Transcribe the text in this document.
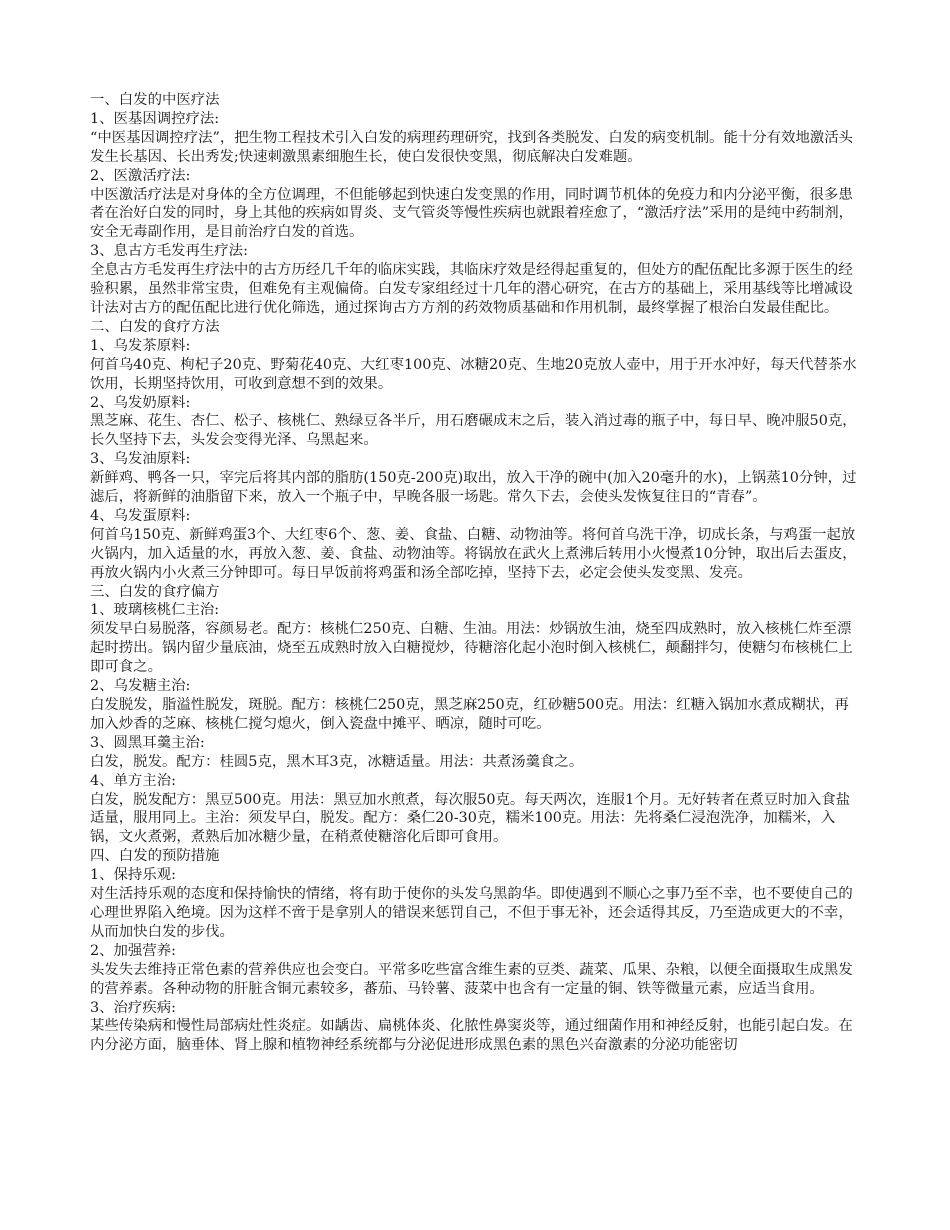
一、白发的中医疗法

1、医基因调控疗法:

“中医基因调控疗法”，把生物工程技术引入白发的病理药理研究，找到各类脱发、白发的病变机制。能十分有效地激活头发生长基因、长出秀发;快速刺激黑素细胞生长，使白发很快变黑，彻底解决白发难题。

2、医激活疗法:

中医激活疗法是对身体的全方位调理，不但能够起到快速白发变黑的作用，同时调节机体的免疫力和内分泌平衡，很多患者在治好白发的同时，身上其他的疾病如胃炎、支气管炎等慢性疾病也就跟着痊愈了，“激活疗法”采用的是纯中药制剂，安全无毒副作用，是目前治疗白发的首选。

3、息古方毛发再生疗法:

全息古方毛发再生疗法中的古方历经几千年的临床实践，其临床疗效是经得起重复的，但处方的配伍配比多源于医生的经验积累，虽然非常宝贵，但难免有主观偏倚。白发专家组经过十几年的潜心研究，在古方的基础上，采用基线等比增减设计法对古方的配伍配比进行优化筛选，通过探询古方方剂的药效物质基础和作用机制，最终掌握了根治白发最佳配比。

二、白发的食疗方法

1、乌发茶原料:

何首乌40克、枸杞子20克、野菊花40克、大红枣100克、冰糖20克、生地20克放人壶中，用于开水冲好，每天代替茶水饮用，长期坚持饮用，可收到意想不到的效果。

2、乌发奶原料:

黑芝麻、花生、杏仁、松子、核桃仁、熟绿豆各半斤，用石磨碾成末之后，装入消过毒的瓶子中，每日早、晚冲服50克，长久坚持下去，头发会变得光泽、乌黑起来。

3、乌发油原料:

新鲜鸡、鸭各一只，宰完后将其内部的脂肪(150克-200克)取出，放入干净的碗中(加入20毫升的水)，上锅蒸10分钟，过滤后，将新鲜的油脂留下来，放入一个瓶子中，早晚各服一场匙。常久下去，会使头发恢复往日的“青春”。

4、乌发蛋原料:

何首乌150克、新鲜鸡蛋3个、大红枣6个、葱、姜、食盐、白糖、动物油等。将何首乌洗干净，切成长条，与鸡蛋一起放火锅内，加入适量的水，再放入葱、姜、食盐、动物油等。将锅放在武火上煮沸后转用小火慢煮10分钟，取出后去蛋皮，再放火锅内小火煮三分钟即可。每日早饭前将鸡蛋和汤全部吃掉，坚持下去，必定会使头发变黑、发亮。

三、白发的食疗偏方

1、玻璃核桃仁主治:

须发早白易脱落，容颜易老。配方：核桃仁250克、白糖、生油。用法：炒锅放生油，烧至四成熟时，放入核桃仁炸至漂起时捞出。锅内留少量底油，烧至五成熟时放入白糖搅炒，待糖溶化起小泡时倒入核桃仁，颠翻拌匀，使糖匀布核桃仁上即可食之。

2、乌发糖主治:

白发脱发，脂溢性脱发，斑脱。配方：核桃仁250克，黑芝麻250克，红砂糖500克。用法：红糖入锅加水煮成糊状，再加入炒香的芝麻、核桃仁搅匀熄火，倒入瓷盘中摊平、晒凉，随时可吃。

3、圆黑耳羹主治:

白发，脱发。配方：桂圆5克，黑木耳3克，冰糖适量。用法：共煮汤羹食之。

4、单方主治:

白发，脱发配方：黑豆500克。用法：黑豆加水煎煮，每次服50克。每天两次，连服1个月。无好转者在煮豆时加入食盐适量，服用同上。主治：须发早白，脱发。配方：桑仁20-30克，糯米100克。用法：先将桑仁浸泡洗净，加糯米，入锅，文火煮粥，煮熟后加冰糖少量，在稍煮使糖溶化后即可食用。

四、白发的预防措施

1、保持乐观:

对生活持乐观的态度和保持愉快的情绪，将有助于使你的头发乌黑韵华。即使遇到不顺心之事乃至不幸，也不要使自己的心理世界陷入绝境。因为这样不啻于是拿别人的错误来惩罚自己，不但于事无补，还会适得其反，乃至造成更大的不幸，从而加快白发的步伐。

2、加强营养:

头发失去维持正常色素的营养供应也会变白。平常多吃些富含维生素的豆类、蔬菜、瓜果、杂粮，以便全面摄取生成黑发的营养素。各种动物的肝脏含铜元素较多，蕃茄、马铃薯、菠菜中也含有一定量的铜、铁等微量元素，应适当食用。

3、治疗疾病:

某些传染病和慢性局部病灶性炎症。如龋齿、扁桃体炎、化脓性鼻窦炎等，通过细菌作用和神经反射，也能引起白发。在内分泌方面，脑垂体、肾上腺和植物神经系统都与分泌促进形成黑色素的黑色兴奋激素的分泌功能密切
